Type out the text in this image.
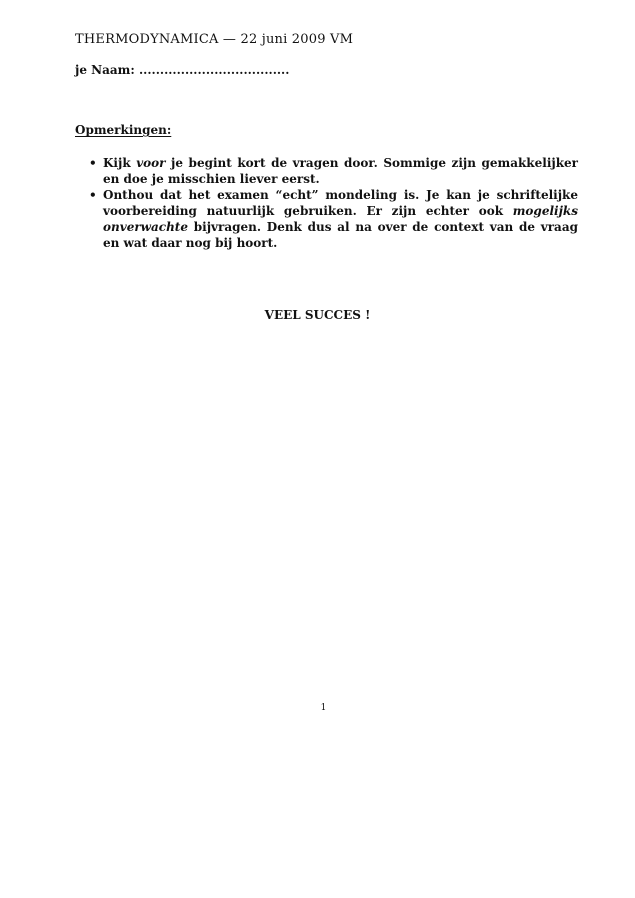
THERMODYNAMICA — 22 juni 2009 VM
je Naam: ....................................
Opmerkingen:
• Kijk voor je begint kort de vragen door. Sommige zijn gemakkelijker en doe je misschien liever eerst.
• Onthou dat het examen “echt” mondeling is. Je kan je schriftelijke voorbereiding natuurlijk gebruiken. Er zijn echter ook mogelijks onverwachte bijvragen. Denk dus al na over de context van de vraag en wat daar nog bij hoort.
VEEL SUCCES !
1
